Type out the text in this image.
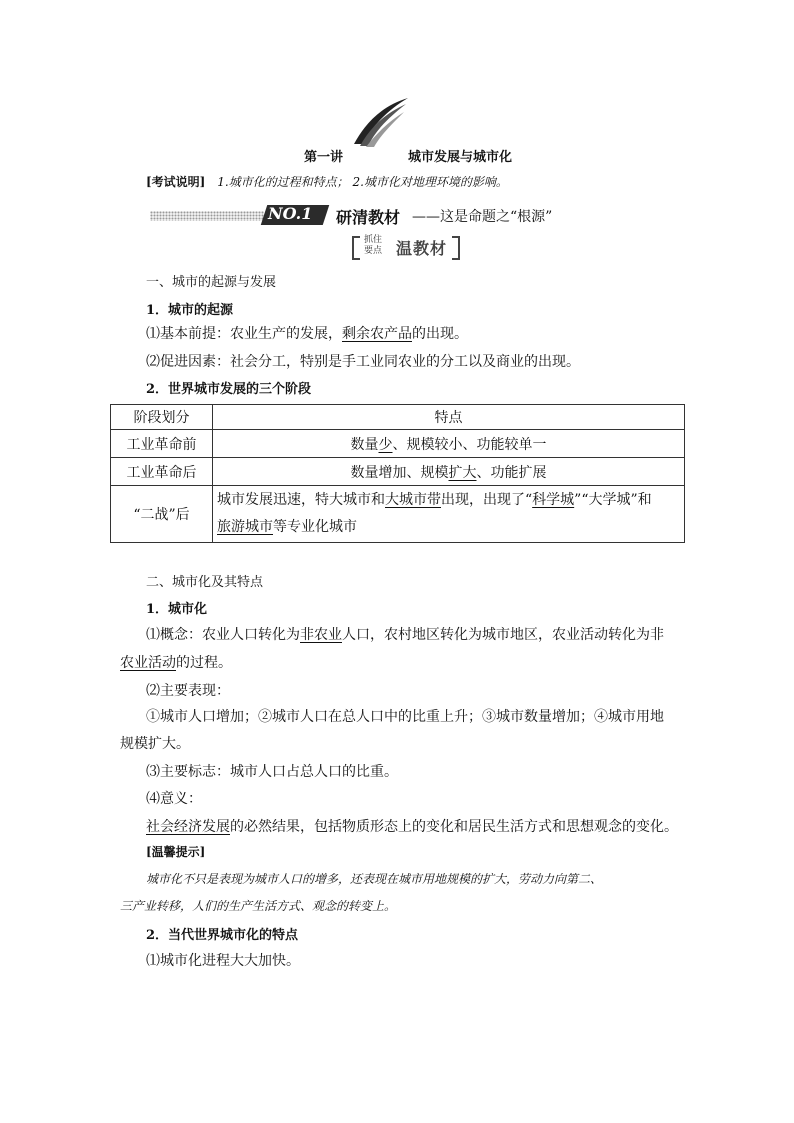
第一讲	城市发展与城市化
[考试说明] 1.城市化的过程和特点； 2.城市化对地理环境的影响。
NO.1 研清教材 ——这是命题之“根源”
抓住
要点 温教材
一、城市的起源与发展
1．城市的起源
⑴基本前提：农业生产的发展，剩余农产品的出现。
⑵促进因素：社会分工，特别是手工业同农业的分工以及商业的出现。
2．世界城市发展的三个阶段
阶段划分	特点
工业革命前	数量少、规模较小、功能较单一
工业革命后	数量增加、规模扩大、功能扩展
“二战”后	城市发展迅速，特大城市和大城市带出现，出现了“科学城”“大学城”和
旅游城市等专业化城市
二、城市化及其特点
1．城市化
⑴概念：农业人口转化为非农业人口，农村地区转化为城市地区，农业活动转化为非
农业活动的过程。
⑵主要表现：
①城市人口增加；②城市人口在总人口中的比重上升；③城市数量增加；④城市用地
规模扩大。
⑶主要标志：城市人口占总人口的比重。
⑷意义：
社会经济发展的必然结果，包括物质形态上的变化和居民生活方式和思想观念的变化。
[温馨提示]
城市化不只是表现为城市人口的增多，还表现在城市用地规模的扩大，劳动力向第二、
三产业转移，人们的生产生活方式、观念的转变上。
2．当代世界城市化的特点
⑴城市化进程大大加快。
